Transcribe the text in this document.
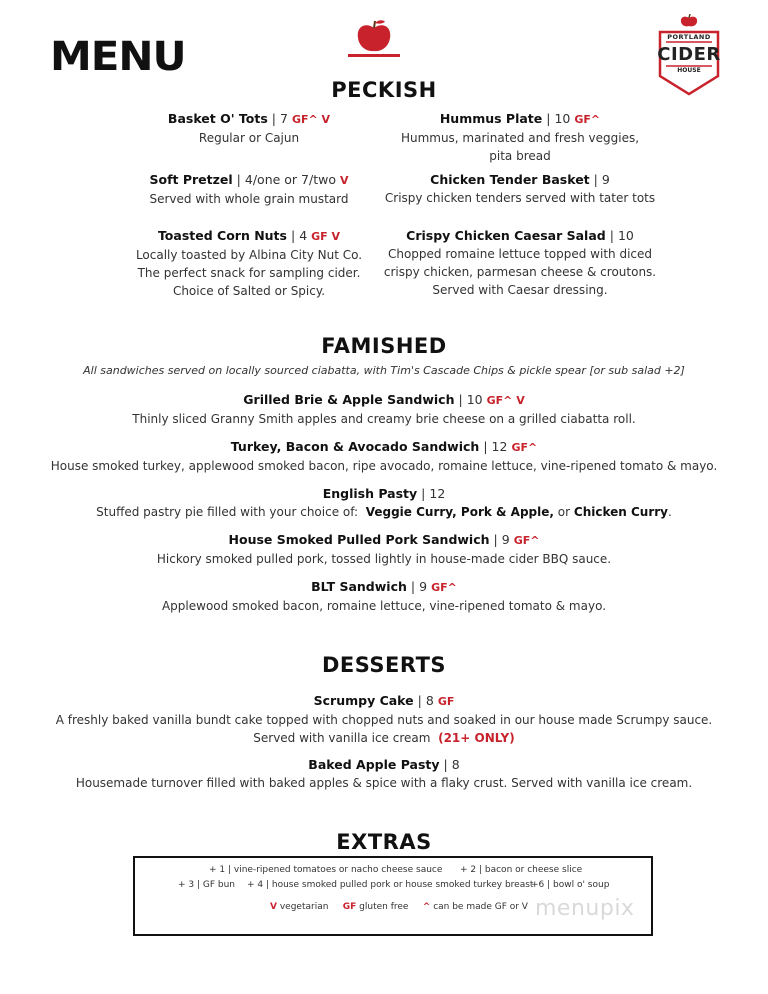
MENU	PORTLAND
CIDER
HOUSE
PECKISH
Basket O' Tots | 7 GF^ V
Regular or Cajun
Hummus Plate | 10 GF^
Hummus, marinated and fresh veggies,
pita bread
Soft Pretzel | 4/one or 7/two V
Served with whole grain mustard
Chicken Tender Basket | 9
Crispy chicken tenders served with tater tots
Toasted Corn Nuts | 4 GF V
Locally toasted by Albina City Nut Co.
The perfect snack for sampling cider.
Choice of Salted or Spicy.
Crispy Chicken Caesar Salad | 10
Chopped romaine lettuce topped with diced
crispy chicken, parmesan cheese & croutons.
Served with Caesar dressing.
FAMISHED
All sandwiches served on locally sourced ciabatta, with Tim's Cascade Chips & pickle spear [or sub salad +2]
Grilled Brie & Apple Sandwich | 10 GF^ V
Thinly sliced Granny Smith apples and creamy brie cheese on a grilled ciabatta roll.
Turkey, Bacon & Avocado Sandwich | 12 GF^
House smoked turkey, applewood smoked bacon, ripe avocado, romaine lettuce, vine-ripened tomato & mayo.
English Pasty | 12
Stuffed pastry pie filled with your choice of: Veggie Curry, Pork & Apple, or Chicken Curry.
House Smoked Pulled Pork Sandwich | 9 GF^
Hickory smoked pulled pork, tossed lightly in house-made cider BBQ sauce.
BLT Sandwich | 9 GF^
Applewood smoked bacon, romaine lettuce, vine-ripened tomato & mayo.
DESSERTS
Scrumpy Cake | 8 GF
A freshly baked vanilla bundt cake topped with chopped nuts and soaked in our house made Scrumpy sauce.
Served with vanilla ice cream (21+ ONLY)
Baked Apple Pasty | 8
Housemade turnover filled with baked apples & spice with a flaky crust. Served with vanilla ice cream.
EXTRAS
+ 1 | vine-ripened tomatoes or nacho cheese sauce + 2 | bacon or cheese slice
+ 3 | GF bun + 4 | house smoked pulled pork or house smoked turkey breast
+6 | bowl o' soup
V vegetarian GF gluten free ^ can be made GF or V menupix
